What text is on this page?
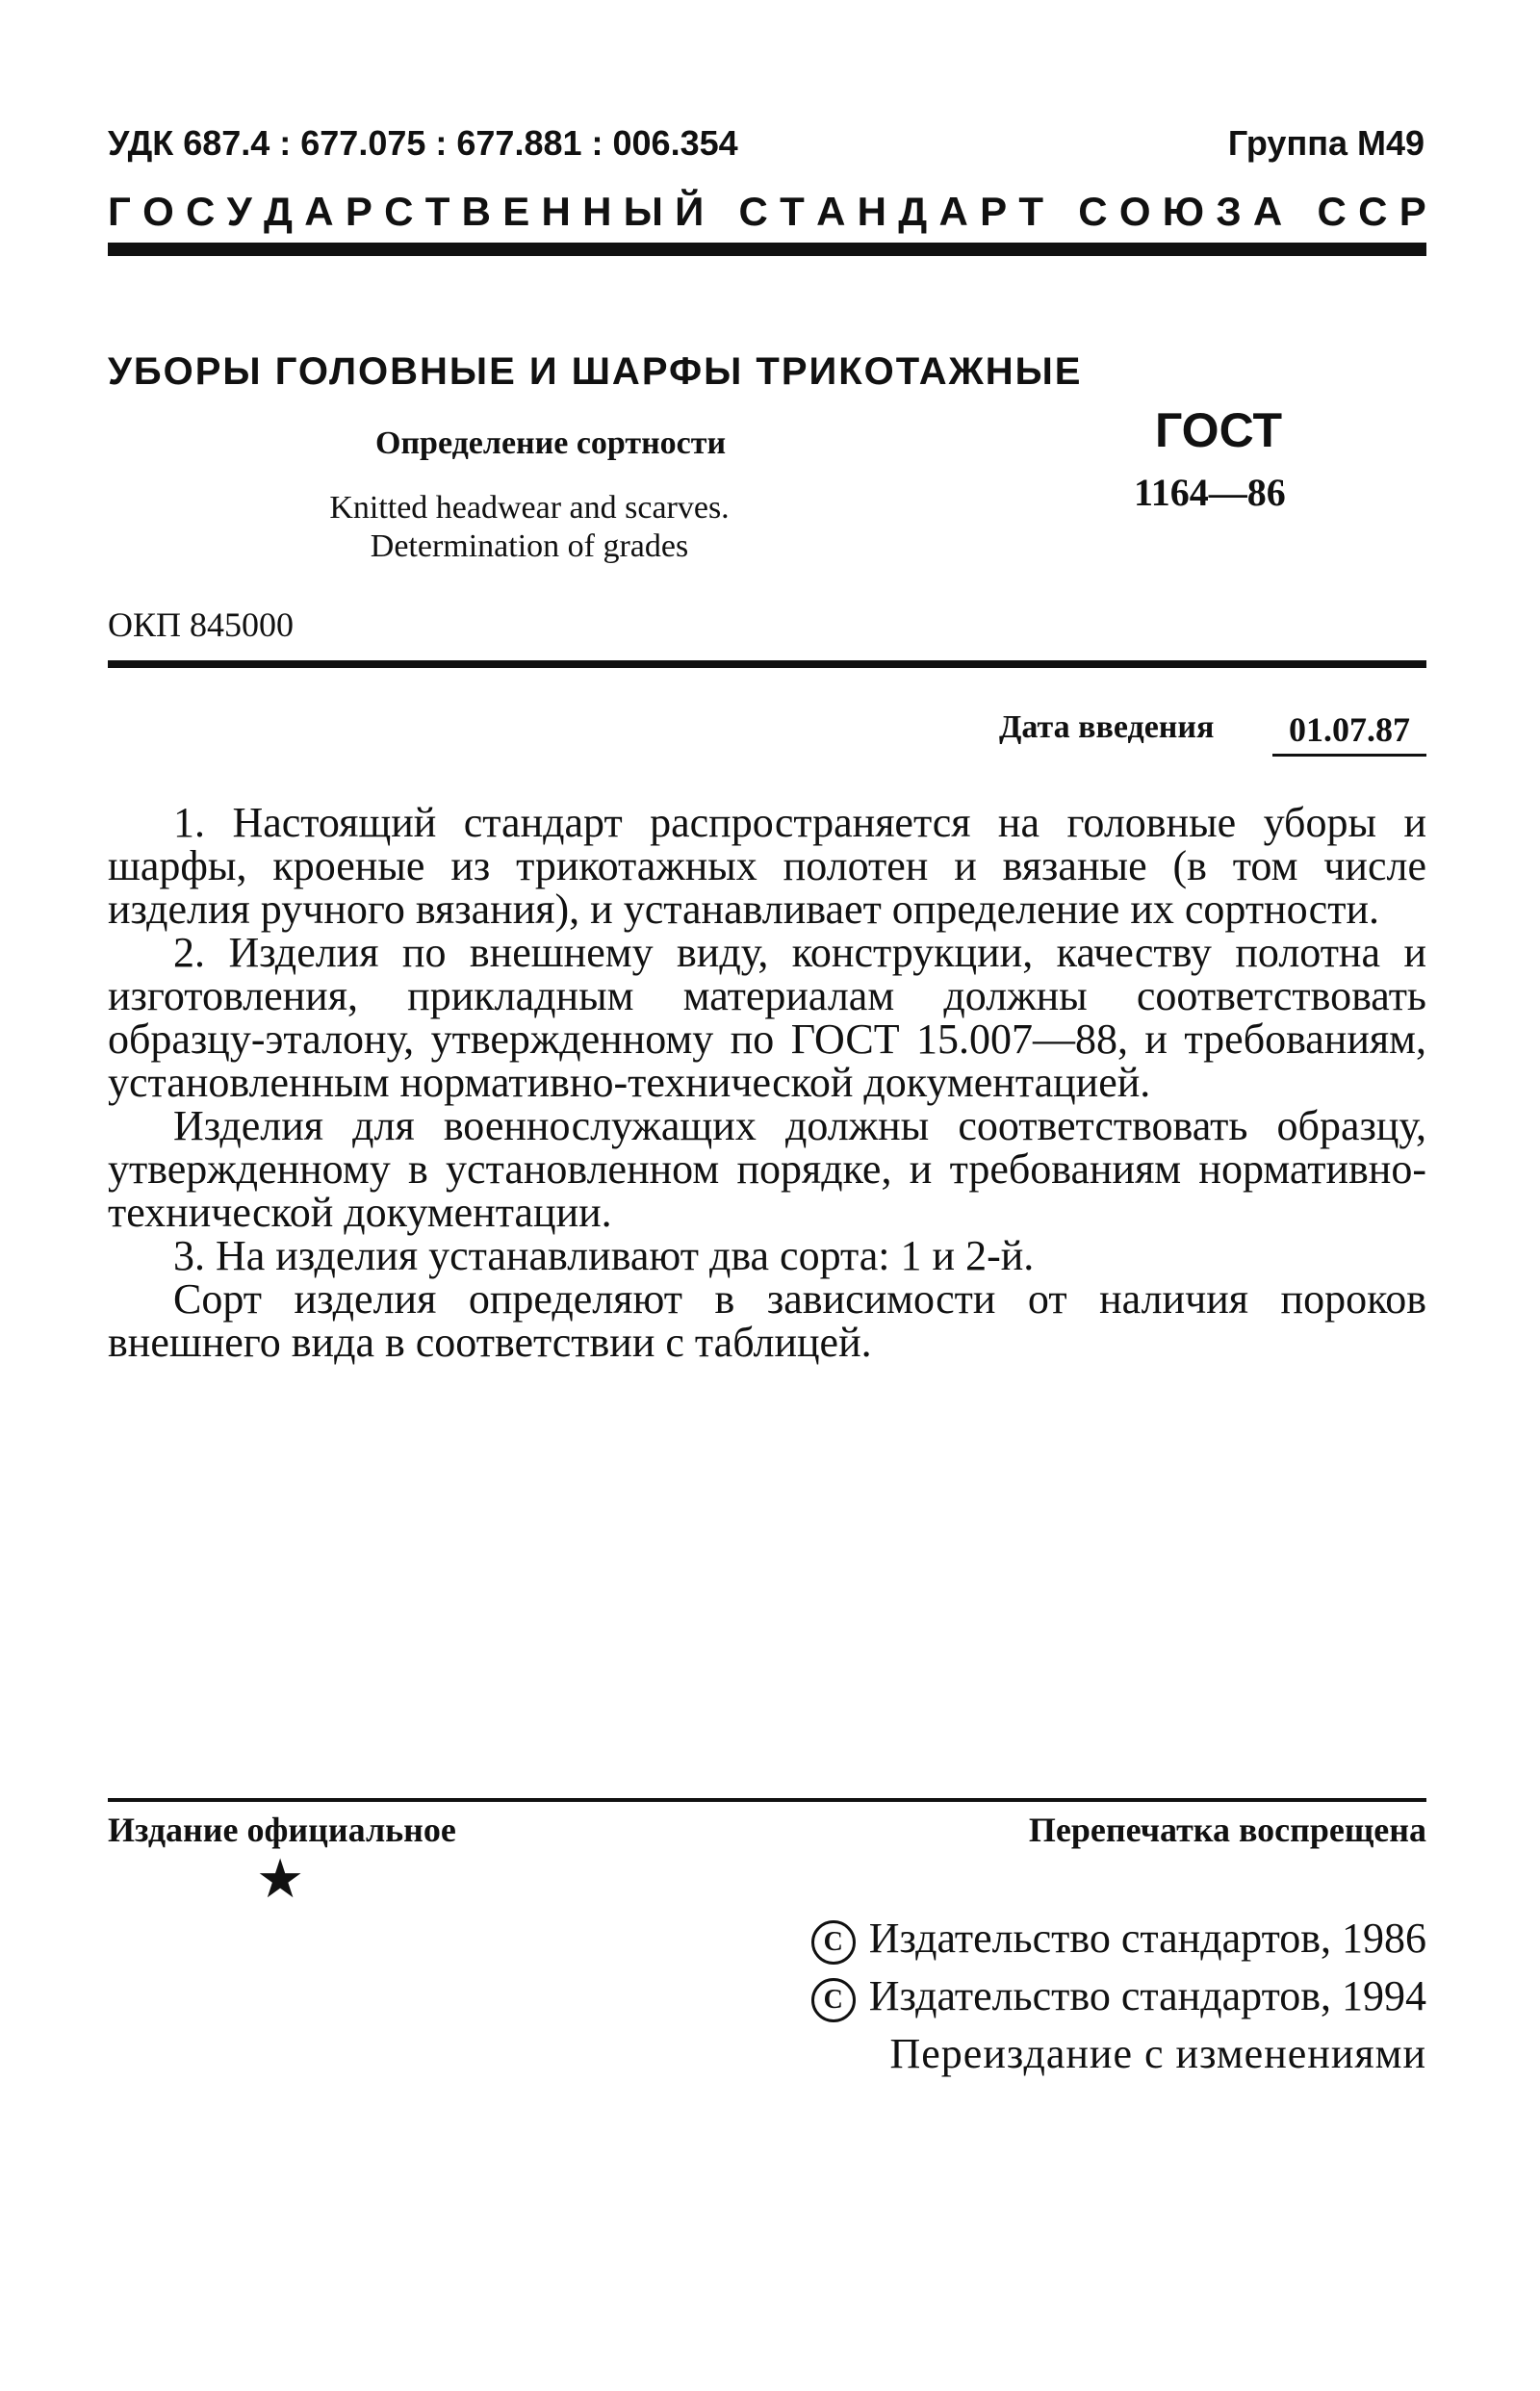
УДК 687.4 : 677.075 : 677.881 : 006.354	Группа М49
Г О С У Д А Р С Т В Е Н Н Ы Й
С Т А Н Д А Р Т
С О Ю З А
С С Р
УБОРЫ ГОЛОВНЫЕ И ШАРФЫ ТРИКОТАЖНЫЕ
Определение сортности
Knitted headwear and scarves.
Determination of grades
ГОСТ
1164—86
ОКП 845000
Дата введения	01.07.87

1. Настоящий стандарт распространяется на головные уборы и шарфы, кроеные из трикотажных полотен и вязаные (в том числе изделия ручного вязания), и устанавливает определение их сортности.

2. Изделия по внешнему виду, конструкции, качеству полотна и изготовления, прикладным материалам должны соответствовать образцу-эталону, утвержденному по ГОСТ 15.007—88, и требованиям, установленным нормативно-технической документацией.

Изделия для военнослужащих должны соответствовать образцу, утвержденному в установленном порядке, и требованиям нормативно-технической документации.

3. На изделия устанавливают два сорта: 1 и 2-й.

Сорт изделия определяют в зависимости от наличия пороков внешнего вида в соответствии с таблицей.

Издание официальное	Перепечатка воспрещена
★
C Издательство стандартов, 1986
C Издательство стандартов, 1994
Переиздание с изменениями
